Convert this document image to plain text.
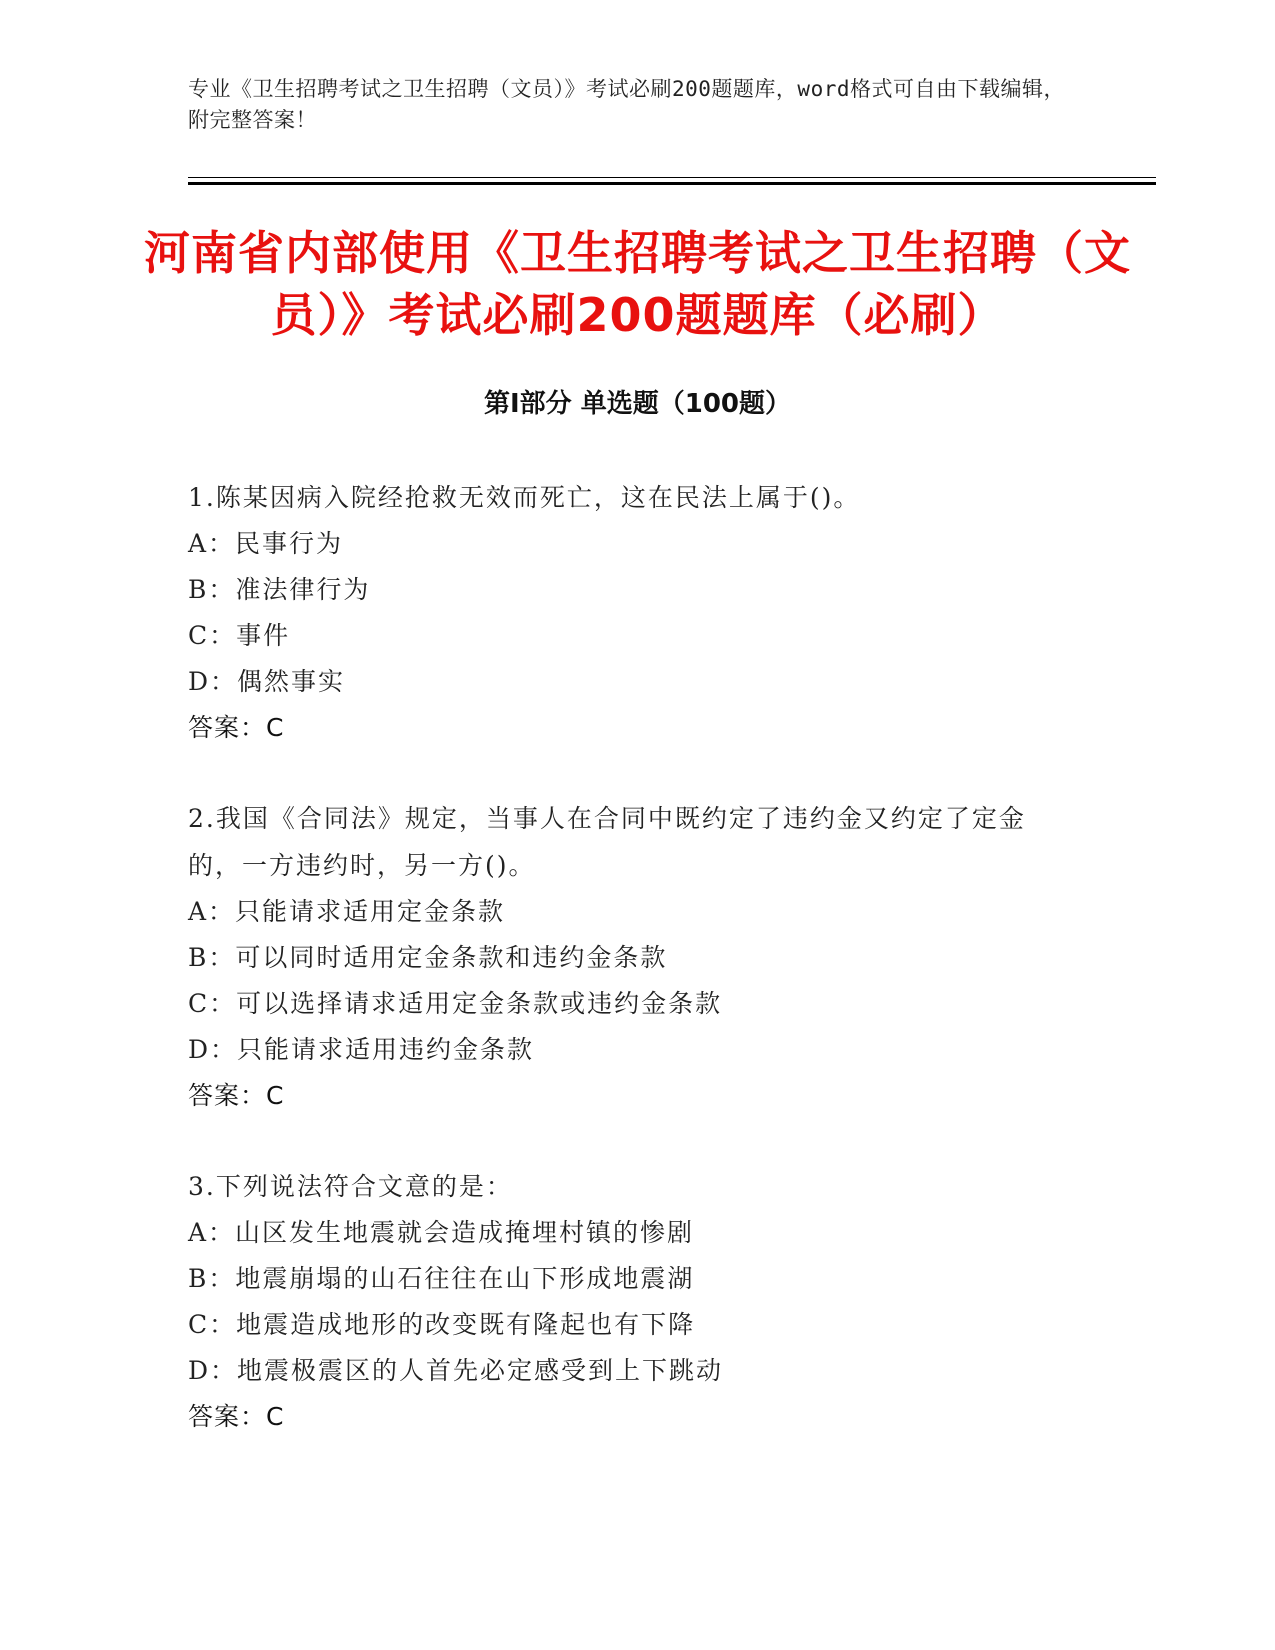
专业《卫生招聘考试之卫生招聘（文员）》考试必刷200题题库，word格式可自由下载编辑，附完整答案！
河南省内部使用《卫生招聘考试之卫生招聘（文员）》考试必刷200题题库（必刷）
第I部分 单选题（100题）
1.陈某因病入院经抢救无效而死亡，这在民法上属于()。
A：民事行为
B：准法律行为
C：事件
D：偶然事实
答案：C
2.我国《合同法》规定，当事人在合同中既约定了违约金又约定了定金的，一方违约时，另一方()。
A：只能请求适用定金条款
B：可以同时适用定金条款和违约金条款
C：可以选择请求适用定金条款或违约金条款
D：只能请求适用违约金条款
答案：C
3.下列说法符合文意的是：
A：山区发生地震就会造成掩埋村镇的惨剧
B：地震崩塌的山石往往在山下形成地震湖
C：地震造成地形的改变既有隆起也有下降
D：地震极震区的人首先必定感受到上下跳动
答案：C
